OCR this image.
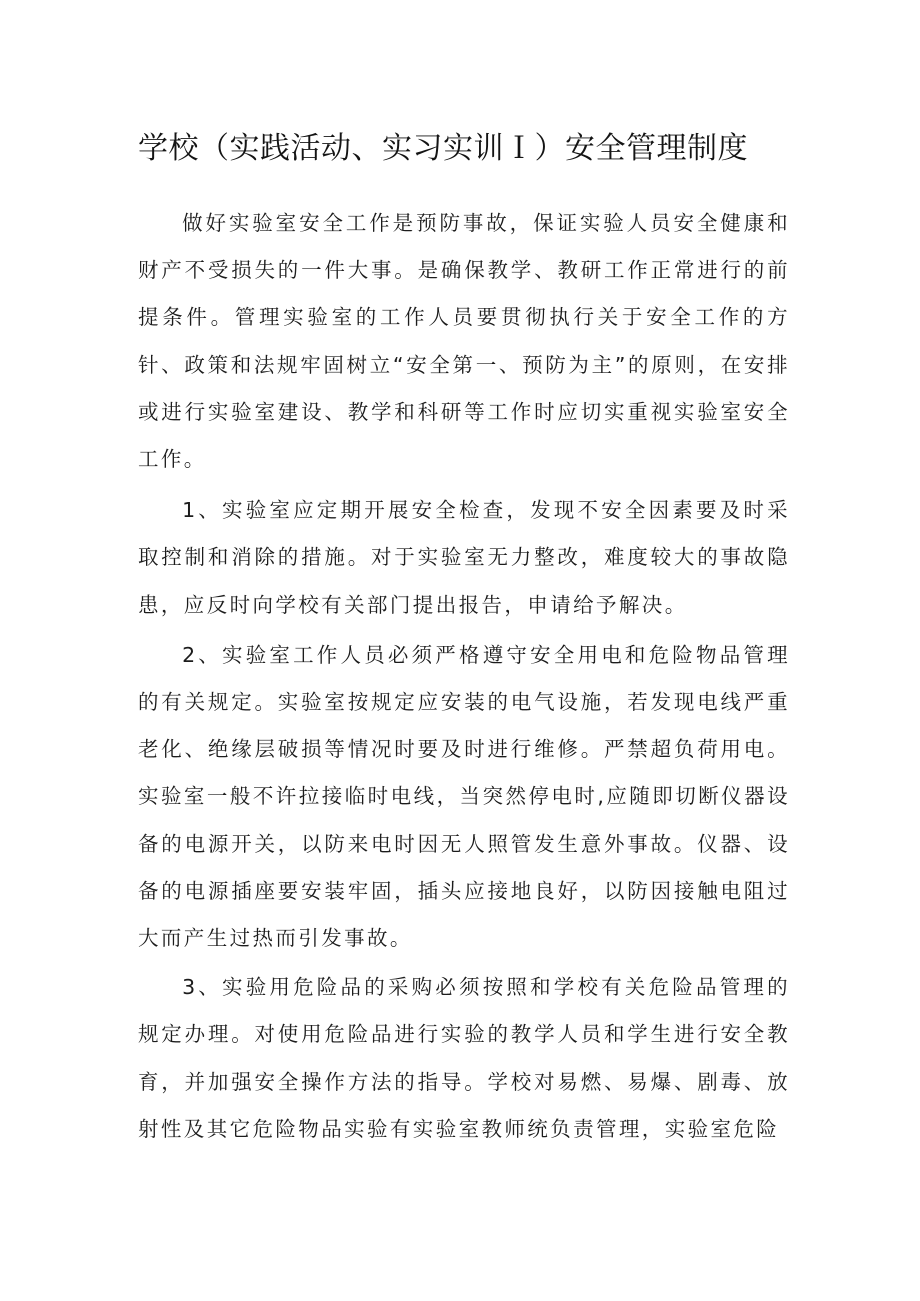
学校（实践活动、实习实训Ｉ）安全管理制度

做好实验室安全工作是预防事故，保证实验人员安全健康和财产不受损失的一件大事。是确保教学、教研工作正常进行的前提条件。管理实验室的工作人员要贯彻执行关于安全工作的方针、政策和法规牢固树立“安全第一、预防为主”的原则，在安排或进行实验室建设、教学和科研等工作时应切实重视实验室安全工作。

1、实验室应定期开展安全检查，发现不安全因素要及时采取控制和消除的措施。对于实验室无力整改，难度较大的事故隐患，应反时向学校有关部门提出报告，申请给予解决。

2、实验室工作人员必须严格遵守安全用电和危险物品管理的有关规定。实验室按规定应安装的电气设施，若发现电线严重老化、绝缘层破损等情况时要及时进行维修。严禁超负荷用电。实验室一般不许拉接临时电线，当突然停电时,应随即切断仪器设备的电源开关，以防来电时因无人照管发生意外事故。仪器、设备的电源插座要安装牢固，插头应接地良好，以防因接触电阻过大而产生过热而引发事故。

3、实验用危险品的采购必须按照和学校有关危险品管理的规定办理。对使用危险品进行实验的教学人员和学生进行安全教育，并加强安全操作方法的指导。学校对易燃、易爆、剧毒、放射性及其它危险物品实验有实验室教师统负责管理，实验室危险
